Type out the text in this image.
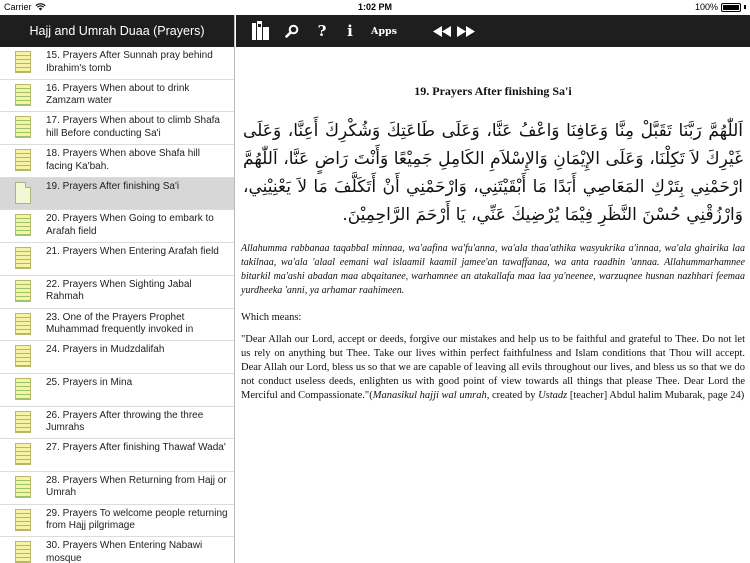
Carrier	1:02 PM	100%
Hajj and Umrah Duaa (Prayers)
15. Prayers After Sunnah pray behind Ibrahim's tomb
16. Prayers When about to drink Zamzam water
17. Prayers When about to climb Shafa hill Before conducting Sa'i
18. Prayers When above Shafa hill facing Ka'bah.
19. Prayers After finishing Sa'i
20. Prayers When Going to embark to Arafah field
21. Prayers When Entering Arafah field
22. Prayers When Sighting Jabal Rahmah
23. One of the Prayers Prophet Muhammad frequently invoked in
24. Prayers in Mudzdalifah
25. Prayers in Mina
26. Prayers After throwing the three Jumrahs
27. Prayers After finishing Thawaf Wada'
28. Prayers When Returning from Hajj or Umrah
29. Prayers To welcome people returning from Hajj pilgrimage
30. Prayers When Entering Nabawi mosque
?	i	Apps
19. Prayers After finishing Sa'i
اَللّٰهُمَّ رَبَّنَا تَقَبَّلْ مِنَّا وَعَافِنَا وَاعْفُ عَنَّا، وَعَلَى طَاعَتِكَ وَشُكْرِكَ أَعِنَّا، وَعَلَى غَيْرِكَ لاَ تَكِلْنَا، وَعَلَى الإِيْمَانِ وَالإِسْلاَمِ الكَامِلِ جَمِيْعًا وَأَنْتَ رَاضٍ عَنَّا، اَللّٰهُمَّ ارْحَمْنِي بِتَرْكِ المَعَاصِي أَبَدًا مَا أَبْقَيْتَنِي، وَارْحَمْنِي أَنْ أَتَكَلَّفَ مَا لاَ يَعْنِيْنِي، وَارْزُقْنِي حُسْنَ النَّظَرِ فِيْمَا يُرْضِيكَ عَنِّي، يَا أَرْحَمَ الرَّاحِمِيْنَ.
Allahumma rabbanaa taqabbal minnaa, wa'aafina wa'fu'anna, wa'ala thaa'athika wasyukrika a'innaa, wa'ala ghairika laa takilnaa, wa'ala 'alaal eemani wal islaamil kaamil jamee'an tawaffanaa, wa anta raadhin 'annaa. Allahummarhamnee bitarkil ma'ashi abadan maa abqaitanee, warhamnee an atakallafa maa laa ya'neenee, warzuqnee husnan nazhhari feemaa yurdheeka 'anni, ya arhamar raahimeen.
Which means:
"Dear Allah our Lord, accept or deeds, forgive our mistakes and help us to be faithful and grateful to Thee. Do not let us rely on anything but Thee. Take our lives within perfect faithfulness and Islam conditions that Thou will accept. Dear Allah our Lord, bless us so that we are capable of leaving all evils throughout our lives, and bless us so that we do not conduct useless deeds, enlighten us with good point of view towards all things that please Thee. Dear Lord the Merciful and Compassionate."(Manasikul hajji wal umrah, created by Ustadz [teacher] Abdul halim Mubarak, page 24)
